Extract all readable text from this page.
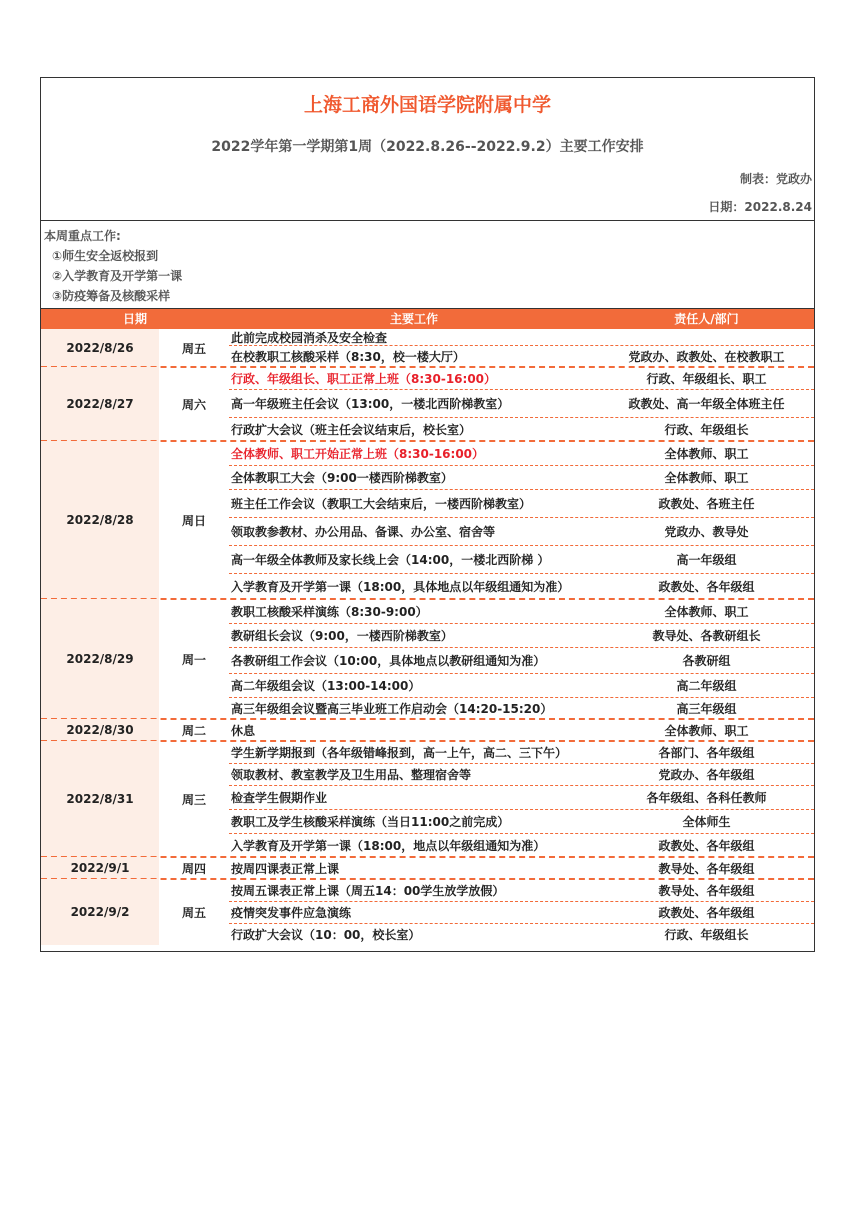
上海工商外国语学院附属中学
2022学年第一学期第1周（2022.8.26--2022.9.2）主要工作安排
制表：党政办
日期：2022.8.24
本周重点工作:
①师生安全返校报到
②入学教育及开学第一课
③防疫筹备及核酸采样
日期	主要工作	责任人/部门
2022/8/26	周五
此前完成校园消杀及安全检查
在校教职工核酸采样（8:30，校一楼大厅）	党政办、政教处、在校教职工
2022/8/27	周六
行政、年级组长、职工正常上班（8:30-16:00）	行政、年级组长、职工
高一年级班主任会议（13:00，一楼北西阶梯教室）	政教处、高一年级全体班主任
行政扩大会议（班主任会议结束后，校长室）	行政、年级组长
2022/8/28	周日
全体教师、职工开始正常上班（8:30-16:00）	全体教师、职工
全体教职工大会（9:00一楼西阶梯教室）	全体教师、职工
班主任工作会议（教职工大会结束后，一楼西阶梯教室）	政教处、各班主任
领取教参教材、办公用品、备课、办公室、宿舍等	党政办、教导处
高一年级全体教师及家长线上会（14:00，一楼北西阶梯 ）	高一年级组
入学教育及开学第一课（18:00，具体地点以年级组通知为准）	政教处、各年级组
2022/8/29	周一
教职工核酸采样演练（8:30-9:00）	全体教师、职工
教研组长会议（9:00，一楼西阶梯教室）	教导处、各教研组长
各教研组工作会议（10:00，具体地点以教研组通知为准）	各教研组
高二年级组会议（13:00-14:00）	高二年级组
高三年级组会议暨高三毕业班工作启动会（14:20-15:20）	高三年级组
2022/8/30	周二	休息	全体教师、职工
2022/8/31	周三
学生新学期报到（各年级错峰报到，高一上午，高二、三下午）	各部门、各年级组
领取教材、教室教学及卫生用品、整理宿舍等	党政办、各年级组
检查学生假期作业	各年级组、各科任教师
教职工及学生核酸采样演练（当日11:00之前完成）	全体师生
入学教育及开学第一课（18:00，地点以年级组通知为准）	政教处、各年级组
2022/9/1	周四	按周四课表正常上课	教导处、各年级组
2022/9/2	周五
按周五课表正常上课（周五14：00学生放学放假）	教导处、各年级组
疫情突发事件应急演练	政教处、各年级组
行政扩大会议（10：00，校长室）	行政、年级组长
